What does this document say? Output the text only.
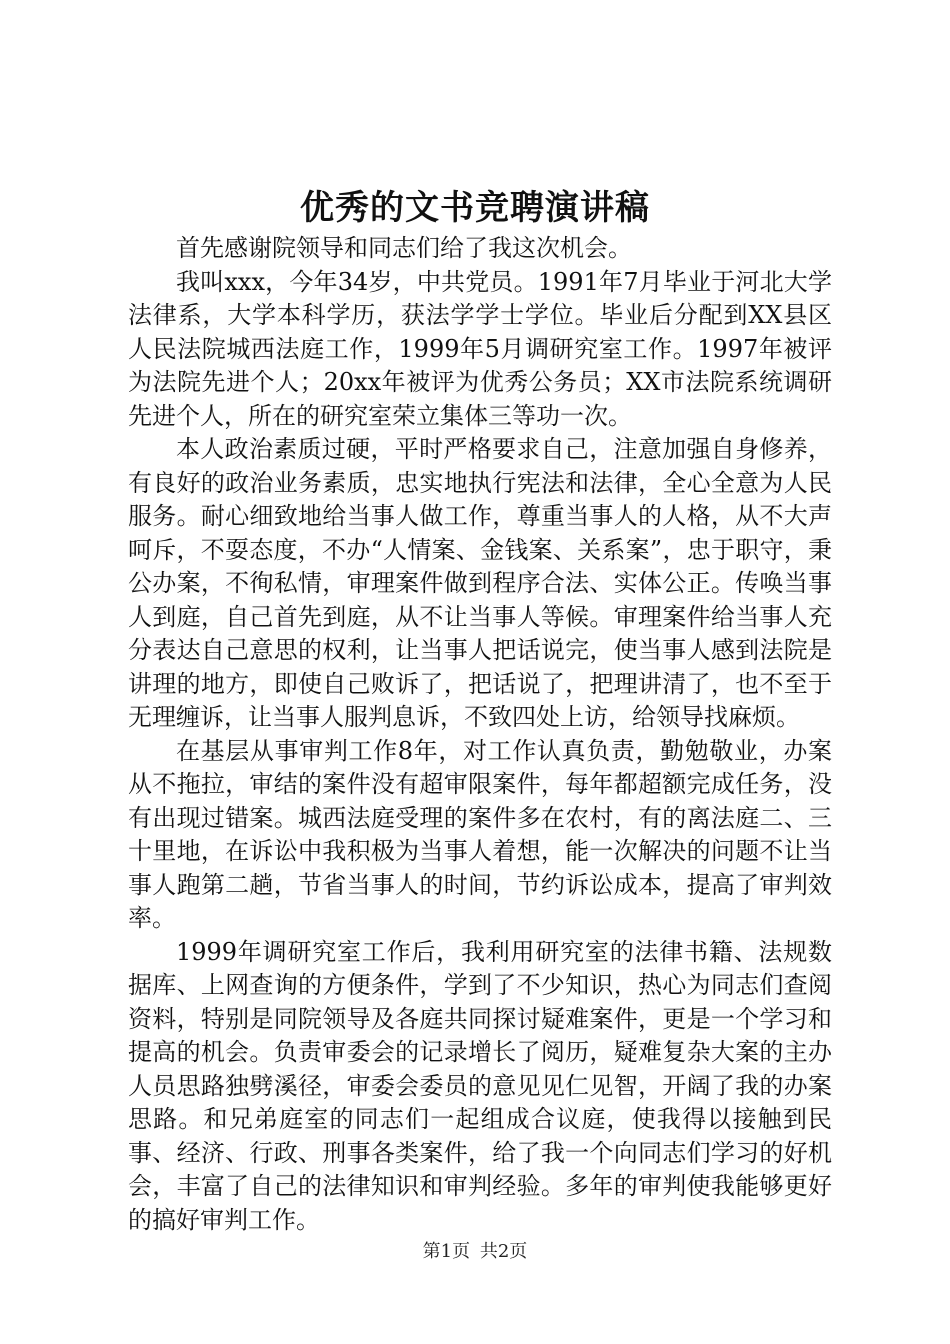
优秀的文书竞聘演讲稿

首先感谢院领导和同志们给了我这次机会。

我叫xxx，今年34岁，中共党员。1991年7月毕业于河北大学法律系，大学本科学历，获法学学士学位。毕业后分配到XX县区人民法院城西法庭工作，1999年5月调研究室工作。1997年被评为法院先进个人；20xx年被评为优秀公务员；XX市法院系统调研先进个人，所在的研究室荣立集体三等功一次。

本人政治素质过硬，平时严格要求自己，注意加强自身修养，有良好的政治业务素质，忠实地执行宪法和法律，全心全意为人民服务。耐心细致地给当事人做工作，尊重当事人的人格，从不大声呵斥，不耍态度，不办“人情案、金钱案、关系案”，忠于职守，秉公办案，不徇私情，审理案件做到程序合法、实体公正。传唤当事人到庭，自己首先到庭，从不让当事人等候。审理案件给当事人充分表达自己意思的权利，让当事人把话说完，使当事人感到法院是讲理的地方，即使自己败诉了，把话说了，把理讲清了，也不至于无理缠诉，让当事人服判息诉，不致四处上访，给领导找麻烦。

在基层从事审判工作8年，对工作认真负责，勤勉敬业，办案从不拖拉，审结的案件没有超审限案件，每年都超额完成任务，没有出现过错案。城西法庭受理的案件多在农村，有的离法庭二、三十里地，在诉讼中我积极为当事人着想，能一次解决的问题不让当事人跑第二趟，节省当事人的时间，节约诉讼成本，提高了审判效率。

1999年调研究室工作后，我利用研究室的法律书籍、法规数据库、上网查询的方便条件，学到了不少知识，热心为同志们查阅资料，特别是同院领导及各庭共同探讨疑难案件，更是一个学习和提高的机会。负责审委会的记录增长了阅历，疑难复杂大案的主办人员思路独劈溪径，审委会委员的意见见仁见智，开阔了我的办案思路。和兄弟庭室的同志们一起组成合议庭，使我得以接触到民事、经济、行政、刑事各类案件，给了我一个向同志们学习的好机会，丰富了自己的法律知识和审判经验。多年的审判使我能够更好的搞好审判工作。

第1页 共2页
